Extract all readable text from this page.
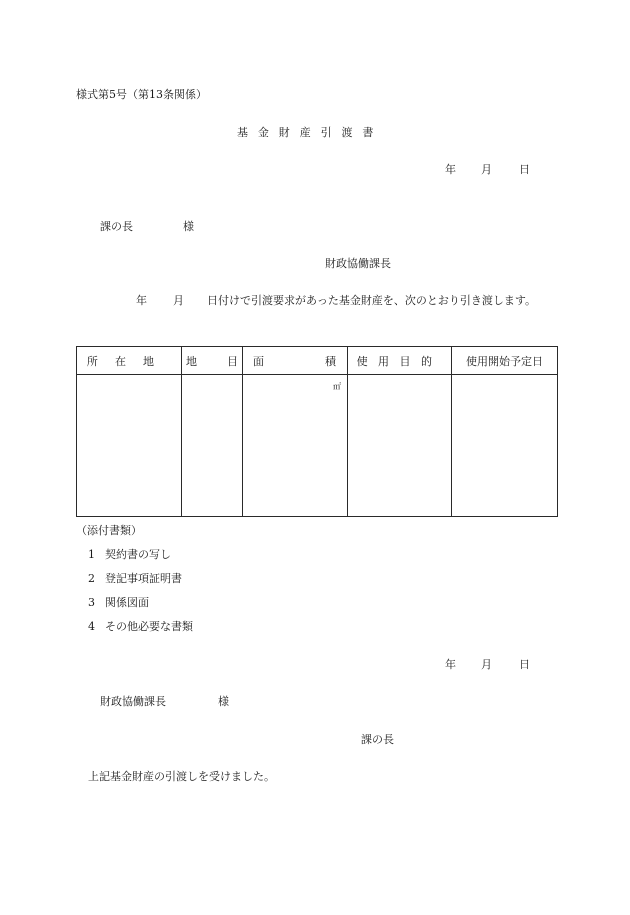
様式第5号（第13条関係）
基金財産引渡書
年 月 日
課の長	様
財政協働課長
年 月 日付けで引渡要求があった基金財産を、次のとおり引き渡します。
所在地	地目	面 積	使用目的	使用開始予定日

		㎡		

（添付書類）
1 契約書の写し
2 登記事項証明書
3 関係図面
4 その他必要な書類
年 月 日
財政協働課長	様
課の長
上記基金財産の引渡しを受けました。
